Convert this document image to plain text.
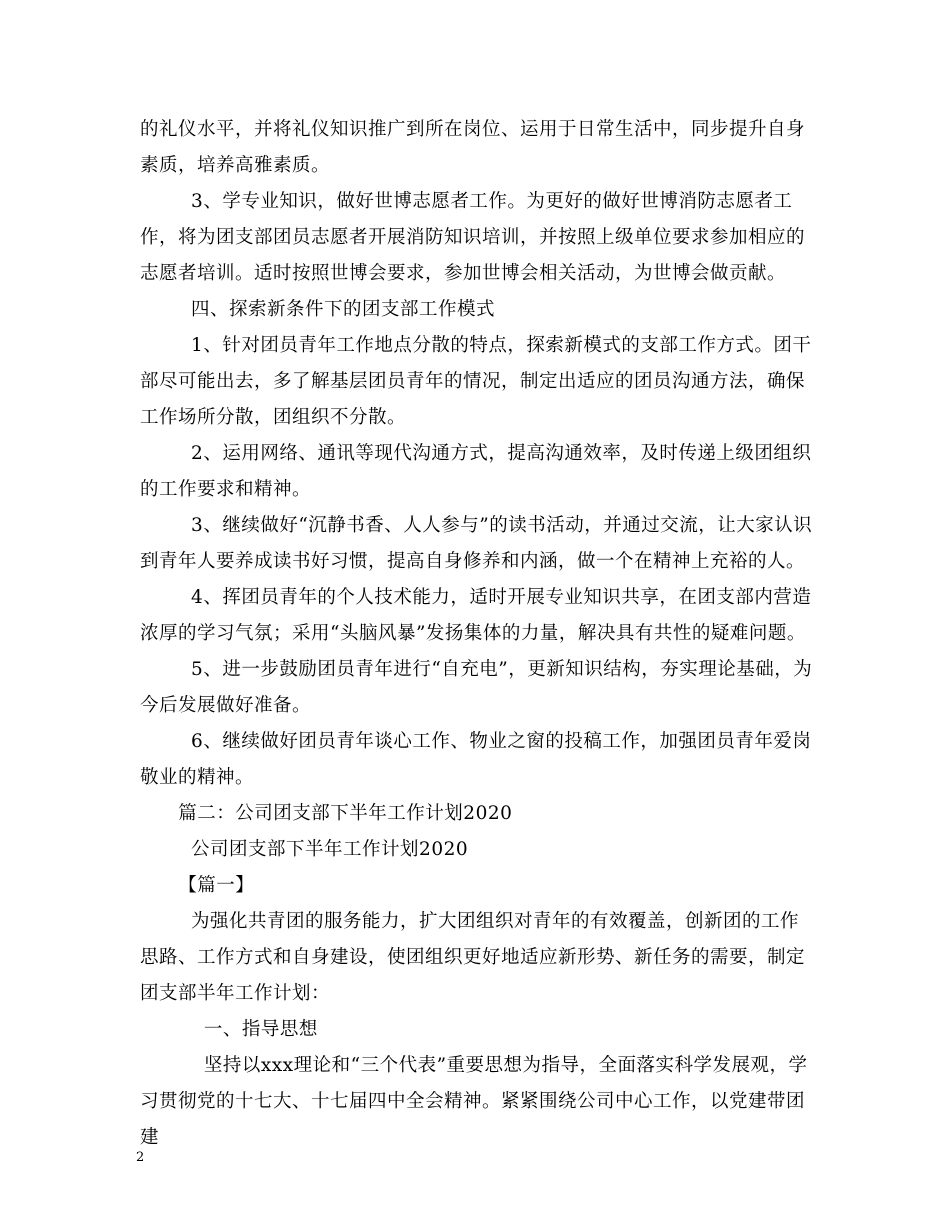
的礼仪水平，并将礼仪知识推广到所在岗位、运用于日常生活中，同步提升自身素质，培养高雅素质。
3、学专业知识，做好世博志愿者工作。为更好的做好世博消防志愿者工作，将为团支部团员志愿者开展消防知识培训，并按照上级单位要求参加相应的志愿者培训。适时按照世博会要求，参加世博会相关活动，为世博会做贡献。
四、探索新条件下的团支部工作模式
1、针对团员青年工作地点分散的特点，探索新模式的支部工作方式。团干部尽可能出去，多了解基层团员青年的情况，制定出适应的团员沟通方法，确保工作场所分散，团组织不分散。
2、运用网络、通讯等现代沟通方式，提高沟通效率，及时传递上级团组织的工作要求和精神。
3、继续做好“沉静书香、人人参与”的读书活动，并通过交流，让大家认识到青年人要养成读书好习惯，提高自身修养和内涵，做一个在精神上充裕的人。
4、挥团员青年的个人技术能力，适时开展专业知识共享，在团支部内营造浓厚的学习气氛；采用“头脑风暴”发扬集体的力量，解决具有共性的疑难问题。
5、进一步鼓励团员青年进行“自充电”，更新知识结构，夯实理论基础，为今后发展做好准备。
6、继续做好团员青年谈心工作、物业之窗的投稿工作，加强团员青年爱岗敬业的精神。
篇二：公司团支部下半年工作计划2020
公司团支部下半年工作计划2020
【篇一】
为强化共青团的服务能力，扩大团组织对青年的有效覆盖，创新团的工作思路、工作方式和自身建设，使团组织更好地适应新形势、新任务的需要，制定团支部半年工作计划：
一、指导思想
坚持以xxx理论和“三个代表”重要思想为指导，全面落实科学发展观，学习贯彻党的十七大、十七届四中全会精神。紧紧围绕公司中心工作，以党建带团建
2
